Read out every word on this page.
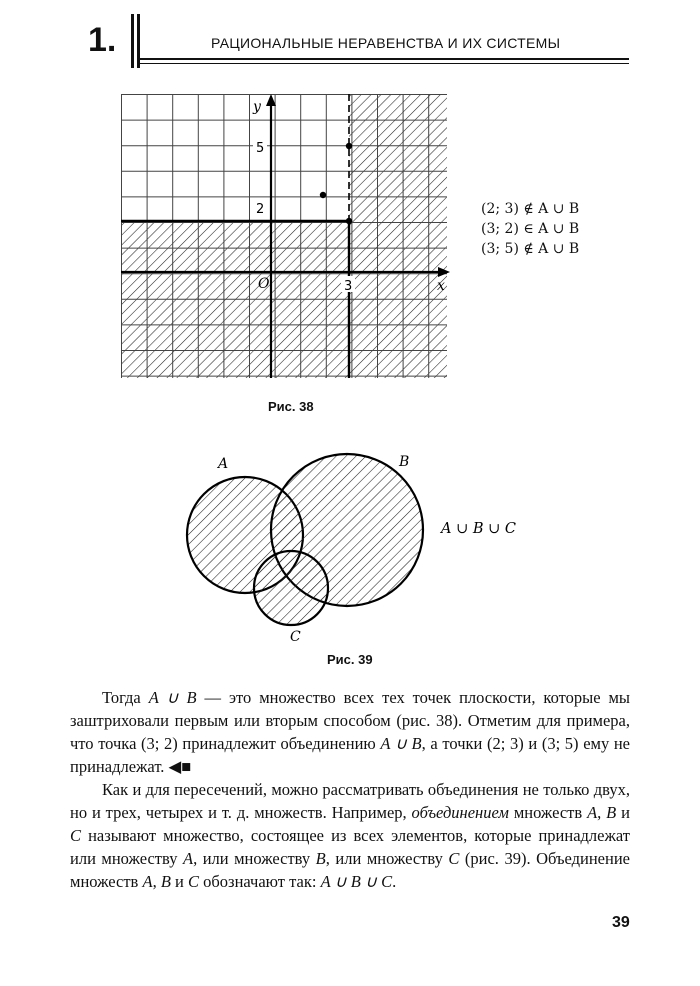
1.	РАЦИОНАЛЬНЫЕ НЕРАВЕНСТВА И ИХ СИСТЕМЫ
y
x
O
5
2
3
A	B
C
A ∪ B ∪ C
(2; 3) ∉ A ∪ B
(3; 2) ∈ A ∪ B
(3; 5) ∉ A ∪ B
Рис. 38
Рис. 39

Тогда A ∪ B — это множество всех тех точек плоскости, которые мы заштриховали первым или вторым способом (рис. 38). Отметим для примера, что точка (3; 2) принадлежит объединению A ∪ B, а точки (2; 3) и (3; 5) ему не принадлежат. ◀■

Как и для пересечений, можно рассматривать объединения не только двух, но и трех, четырех и т. д. множеств. Например, объединением множеств A, B и C называют множество, состоящее из всех элементов, которые принадлежат или множеству A, или множеству B, или множеству C (рис. 39). Объединение множеств A, B и C обозначают так: A ∪ B ∪ C.

39
